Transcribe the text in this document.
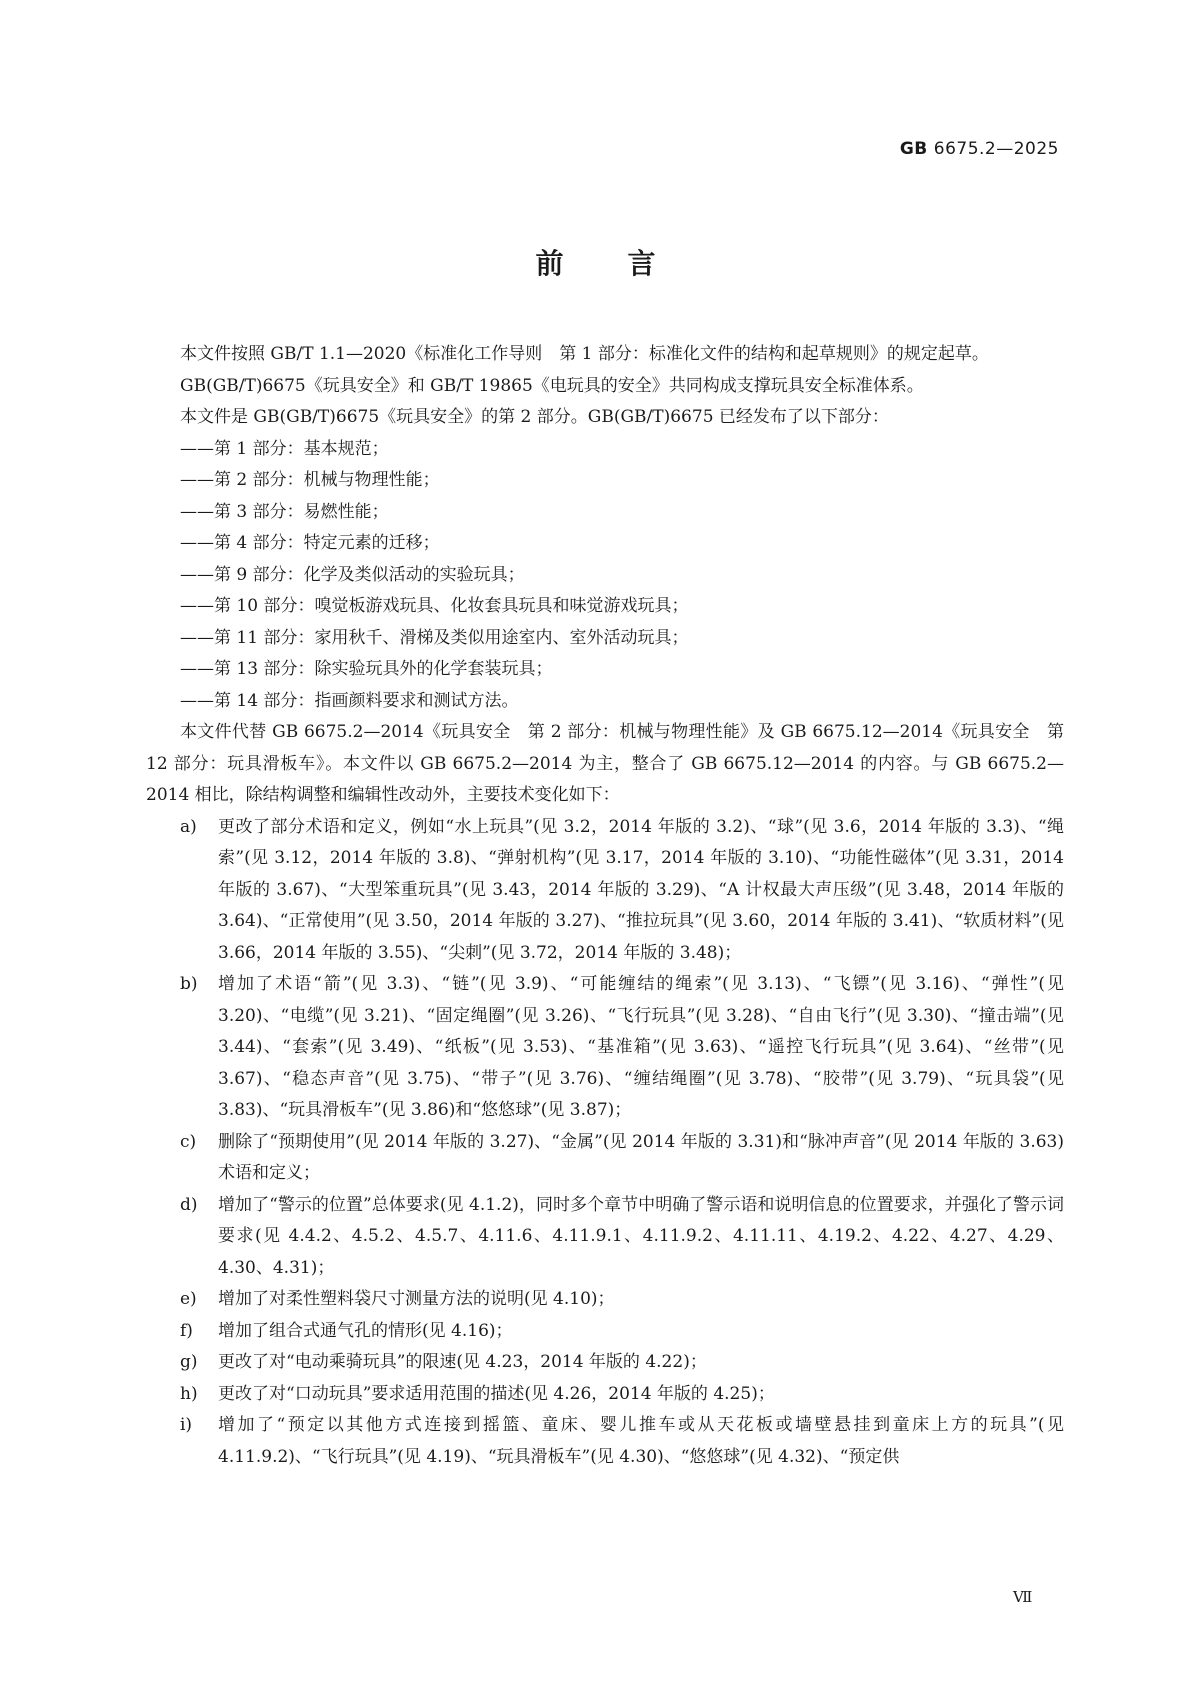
GB 6675.2—2025
前言

本文件按照 GB/T 1.1—2020《标准化工作导则　第 1 部分：标准化文件的结构和起草规则》的规定起草。

GB(GB/T)6675《玩具安全》和 GB/T 19865《电玩具的安全》共同构成支撑玩具安全标准体系。

本文件是 GB(GB/T)6675《玩具安全》的第 2 部分。GB(GB/T)6675 已经发布了以下部分：

——第 1 部分：基本规范；

——第 2 部分：机械与物理性能；

——第 3 部分：易燃性能；

——第 4 部分：特定元素的迁移；

——第 9 部分：化学及类似活动的实验玩具；

——第 10 部分：嗅觉板游戏玩具、化妆套具玩具和味觉游戏玩具；

——第 11 部分：家用秋千、滑梯及类似用途室内、室外活动玩具；

——第 13 部分：除实验玩具外的化学套装玩具；

——第 14 部分：指画颜料要求和测试方法。

本文件代替 GB 6675.2—2014《玩具安全　第 2 部分：机械与物理性能》及 GB 6675.12—2014《玩具安全　第 12 部分：玩具滑板车》。本文件以 GB 6675.2—2014 为主，整合了 GB 6675.12—2014 的内容。与 GB 6675.2—2014 相比，除结构调整和编辑性改动外，主要技术变化如下：

a) 更改了部分术语和定义，例如“水上玩具”(见 3.2，2014 年版的 3.2)、“球”(见 3.6，2014 年版的 3.3)、“绳索”(见 3.12，2014 年版的 3.8)、“弹射机构”(见 3.17，2014 年版的 3.10)、“功能性磁体”(见 3.31，2014 年版的 3.67)、“大型笨重玩具”(见 3.43，2014 年版的 3.29)、“A 计权最大声压级”(见 3.48，2014 年版的 3.64)、“正常使用”(见 3.50，2014 年版的 3.27)、“推拉玩具”(见 3.60，2014 年版的 3.41)、“软质材料”(见 3.66，2014 年版的 3.55)、“尖刺”(见 3.72，2014 年版的 3.48)；
b) 增加了术语“箭”(见 3.3)、“链”(见 3.9)、“可能缠结的绳索”(见 3.13)、“飞镖”(见 3.16)、“弹性”(见 3.20)、“电缆”(见 3.21)、“固定绳圈”(见 3.26)、“飞行玩具”(见 3.28)、“自由飞行”(见 3.30)、“撞击端”(见 3.44)、“套索”(见 3.49)、“纸板”(见 3.53)、“基准箱”(见 3.63)、“遥控飞行玩具”(见 3.64)、“丝带”(见 3.67)、“稳态声音”(见 3.75)、“带子”(见 3.76)、“缠结绳圈”(见 3.78)、“胶带”(见 3.79)、“玩具袋”(见 3.83)、“玩具滑板车”(见 3.86)和“悠悠球”(见 3.87)；
c) 删除了“预期使用”(见 2014 年版的 3.27)、“金属”(见 2014 年版的 3.31)和“脉冲声音”(见 2014 年版的 3.63)术语和定义；
d) 增加了“警示的位置”总体要求(见 4.1.2)，同时多个章节中明确了警示语和说明信息的位置要求，并强化了警示词要求(见 4.4.2、4.5.2、4.5.7、4.11.6、4.11.9.1、4.11.9.2、4.11.11、4.19.2、4.22、4.27、4.29、4.30、4.31)；
e) 增加了对柔性塑料袋尺寸测量方法的说明(见 4.10)；
f) 增加了组合式通气孔的情形(见 4.16)；
g) 更改了对“电动乘骑玩具”的限速(见 4.23，2014 年版的 4.22)；
h) 更改了对“口动玩具”要求适用范围的描述(见 4.26，2014 年版的 4.25)；
i) 增加了“预定以其他方式连接到摇篮、童床、婴儿推车或从天花板或墙壁悬挂到童床上方的玩具”(见 4.11.9.2)、“飞行玩具”(见 4.19)、“玩具滑板车”(见 4.30)、“悠悠球”(见 4.32)、“预定供
Ⅶ
